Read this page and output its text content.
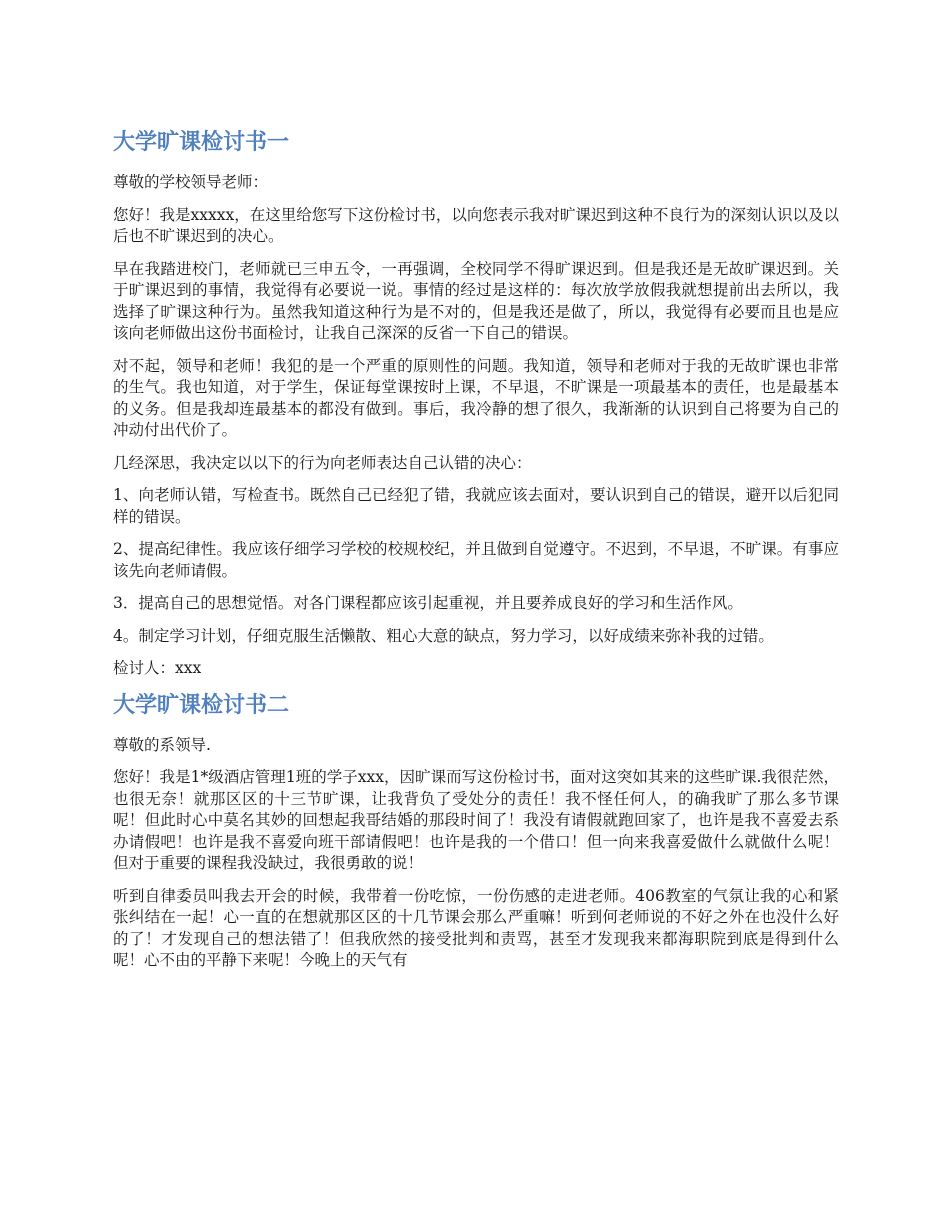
大学旷课检讨书一

尊敬的学校领导老师：

您好！我是xxxxx，在这里给您写下这份检讨书，以向您表示我对旷课迟到这种不良行为的深刻认识以及以后也不旷课迟到的决心。

早在我踏进校门，老师就已三申五令，一再强调，全校同学不得旷课迟到。但是我还是无故旷课迟到。关于旷课迟到的事情，我觉得有必要说一说。事情的经过是这样的：每次放学放假我就想提前出去所以，我选择了旷课这种行为。虽然我知道这种行为是不对的，但是我还是做了，所以，我觉得有必要而且也是应该向老师做出这份书面检讨，让我自己深深的反省一下自己的错误。

对不起，领导和老师！我犯的是一个严重的原则性的问题。我知道，领导和老师对于我的无故旷课也非常的生气。我也知道，对于学生，保证每堂课按时上课，不早退，不旷课是一项最基本的责任，也是最基本的义务。但是我却连最基本的都没有做到。事后，我冷静的想了很久，我渐渐的认识到自己将要为自己的冲动付出代价了。

几经深思，我决定以以下的行为向老师表达自己认错的决心：

1、向老师认错，写检查书。既然自己已经犯了错，我就应该去面对，要认识到自己的错误，避开以后犯同样的错误。

2、提高纪律性。我应该仔细学习学校的校规校纪，并且做到自觉遵守。不迟到，不早退，不旷课。有事应该先向老师请假。

3．提高自己的思想觉悟。对各门课程都应该引起重视，并且要养成良好的学习和生活作风。

4。制定学习计划，仔细克服生活懒散、粗心大意的缺点，努力学习，以好成绩来弥补我的过错。

检讨人：xxx

大学旷课检讨书二

尊敬的系领导.

您好！我是1*级酒店管理1班的学子xxx，因旷课而写这份检讨书，面对这突如其来的这些旷课.我很茫然，也很无奈！就那区区的十三节旷课，让我背负了受处分的责任！我不怪任何人，的确我旷了那么多节课呢！但此时心中莫名其妙的回想起我哥结婚的那段时间了！我没有请假就跑回家了，也许是我不喜爱去系办请假吧！也许是我不喜爱向班干部请假吧！也许是我的一个借口！但一向来我喜爱做什么就做什么呢！但对于重要的课程我没缺过，我很勇敢的说！

听到自律委员叫我去开会的时候，我带着一份吃惊，一份伤感的走进老师。406教室的气氛让我的心和紧张纠结在一起！心一直的在想就那区区的十几节课会那么严重嘛！听到何老师说的不好之外在也没什么好的了！才发现自己的想法错了！但我欣然的接受批判和责骂，甚至才发现我来都海职院到底是得到什么呢！心不由的平静下来呢！今晚上的天气有
